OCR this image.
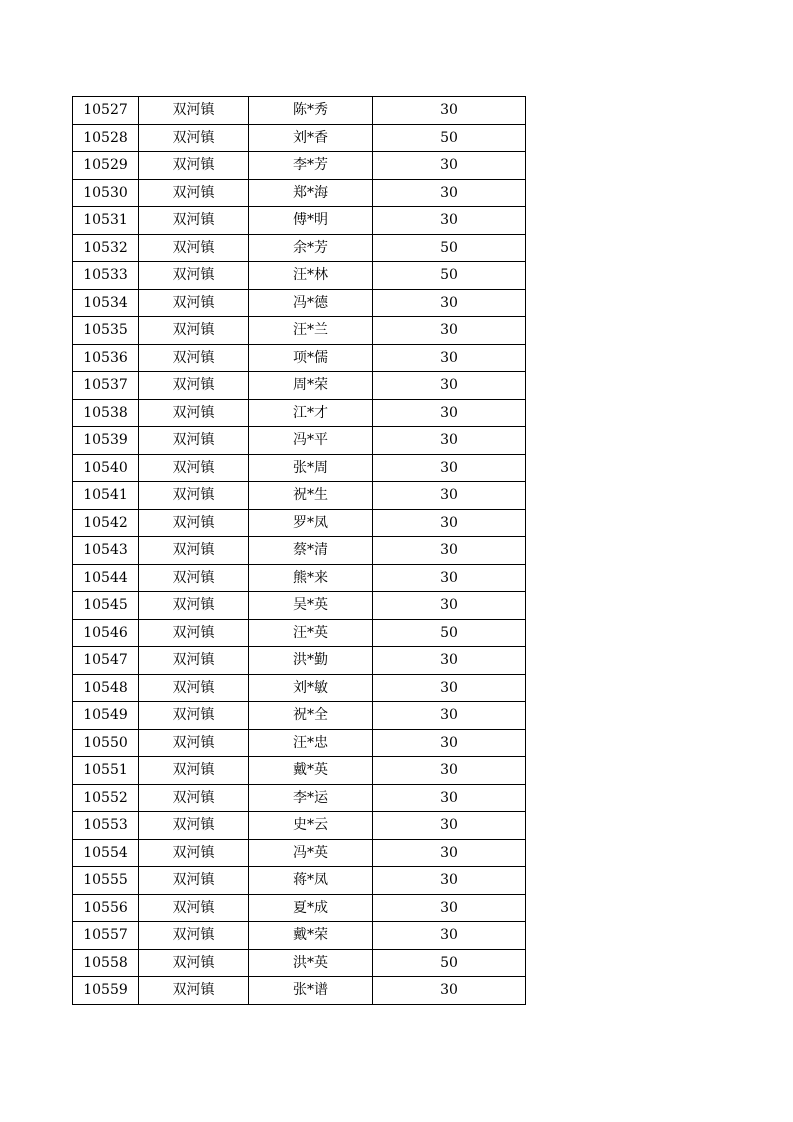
10527	双河镇	陈*秀	30
10528	双河镇	刘*香	50
10529	双河镇	李*芳	30
10530	双河镇	郑*海	30
10531	双河镇	傅*明	30
10532	双河镇	余*芳	50
10533	双河镇	汪*林	50
10534	双河镇	冯*德	30
10535	双河镇	汪*兰	30
10536	双河镇	项*儒	30
10537	双河镇	周*荣	30
10538	双河镇	江*才	30
10539	双河镇	冯*平	30
10540	双河镇	张*周	30
10541	双河镇	祝*生	30
10542	双河镇	罗*凤	30
10543	双河镇	蔡*清	30
10544	双河镇	熊*来	30
10545	双河镇	吴*英	30
10546	双河镇	汪*英	50
10547	双河镇	洪*勤	30
10548	双河镇	刘*敏	30
10549	双河镇	祝*全	30
10550	双河镇	汪*忠	30
10551	双河镇	戴*英	30
10552	双河镇	李*运	30
10553	双河镇	史*云	30
10554	双河镇	冯*英	30
10555	双河镇	蒋*凤	30
10556	双河镇	夏*成	30
10557	双河镇	戴*荣	30
10558	双河镇	洪*英	50
10559	双河镇	张*谱	30
